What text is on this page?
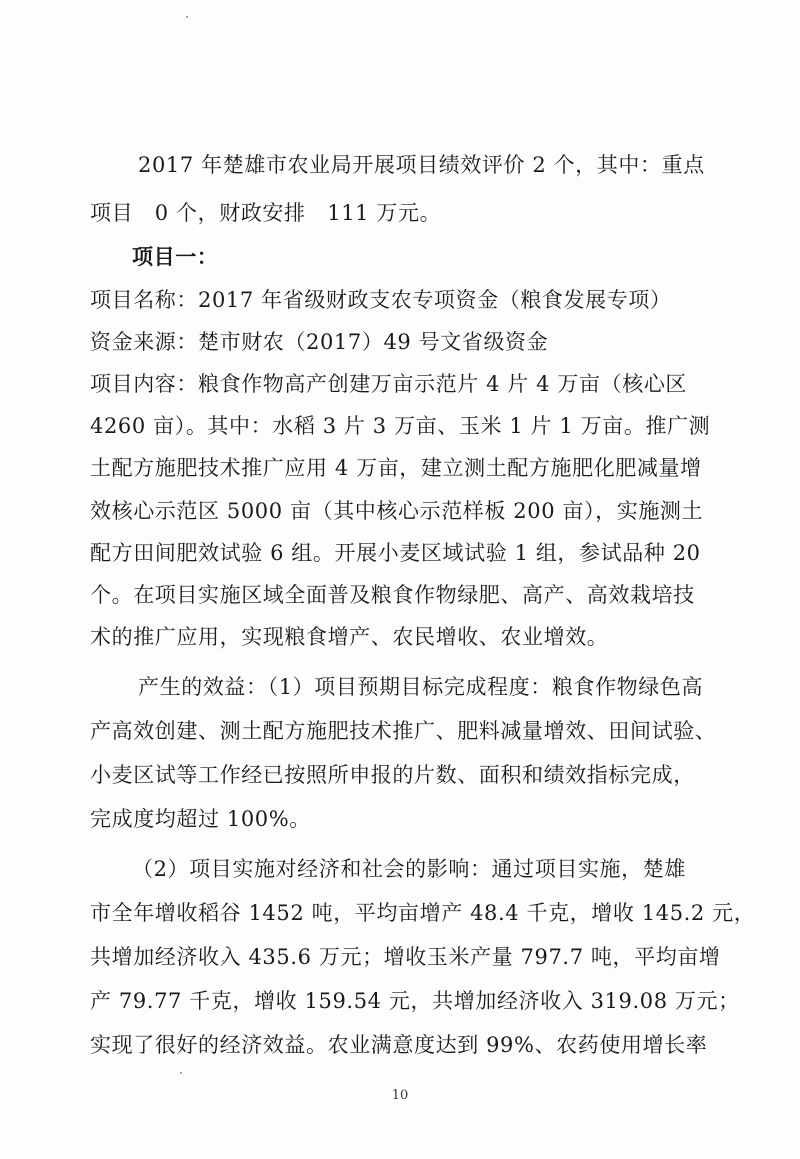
2017 年楚雄市农业局开展项目绩效评价 2 个，其中：重点
项目　0 个，财政安排　111 万元。
项目一：
项目名称：2017 年省级财政支农专项资金（粮食发展专项）
资金来源：楚市财农（2017）49 号文省级资金
项目内容：粮食作物高产创建万亩示范片 4 片 4 万亩（核心区
4260 亩）。其中：水稻 3 片 3 万亩、玉米 1 片 1 万亩。推广测
土配方施肥技术推广应用 4 万亩，建立测土配方施肥化肥减量增
效核心示范区 5000 亩（其中核心示范样板 200 亩），实施测土
配方田间肥效试验 6 组。开展小麦区域试验 1 组，参试品种 20
个。在项目实施区域全面普及粮食作物绿肥、高产、高效栽培技
术的推广应用，实现粮食增产、农民增收、农业增效。
产生的效益：（1）项目预期目标完成程度：粮食作物绿色高
产高效创建、测土配方施肥技术推广、肥料减量增效、田间试验、
小麦区试等工作经已按照所申报的片数、面积和绩效指标完成，
完成度均超过 100%。
（2）项目实施对经济和社会的影响：通过项目实施，楚雄
市全年增收稻谷 1452 吨，平均亩增产 48.4 千克，增收 145.2 元，
共增加经济收入 435.6 万元；增收玉米产量 797.7 吨，平均亩增
产 79.77 千克，增收 159.54 元，共增加经济收入 319.08 万元；
实现了很好的经济效益。农业满意度达到 99%、农药使用增长率
10
